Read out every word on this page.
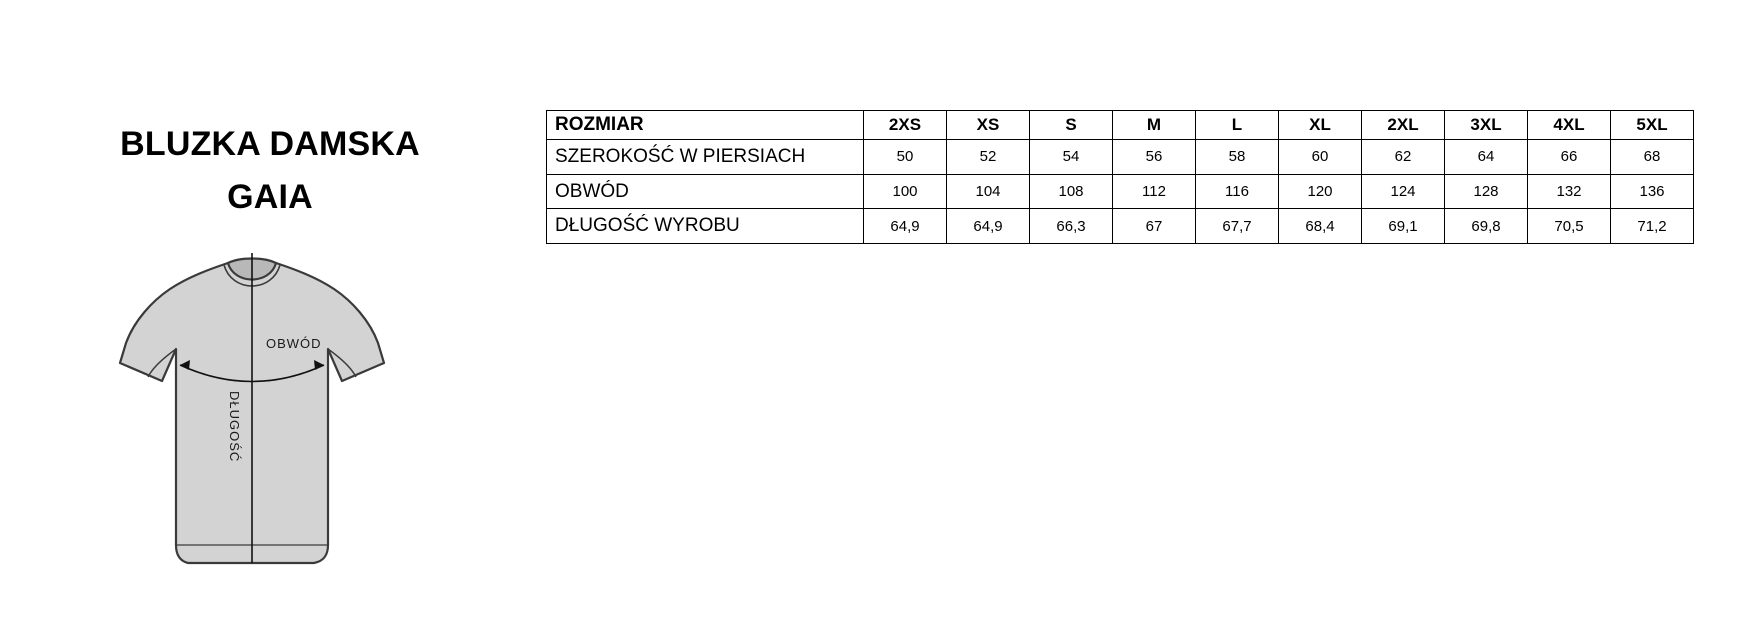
BLUZKA DAMSKA
GAIA
OBWÓD
DŁUGOŚĆ
ROZMIAR	2XS	XS	S	M	L	XL	2XL	3XL	4XL	5XL
SZEROKOŚĆ W PIERSIACH	50	52	54	56	58	60	62	64	66	68
OBWÓD	100	104	108	112	116	120	124	128	132	136
DŁUGOŚĆ WYROBU	64,9	64,9	66,3	67	67,7	68,4	69,1	69,8	70,5	71,2
